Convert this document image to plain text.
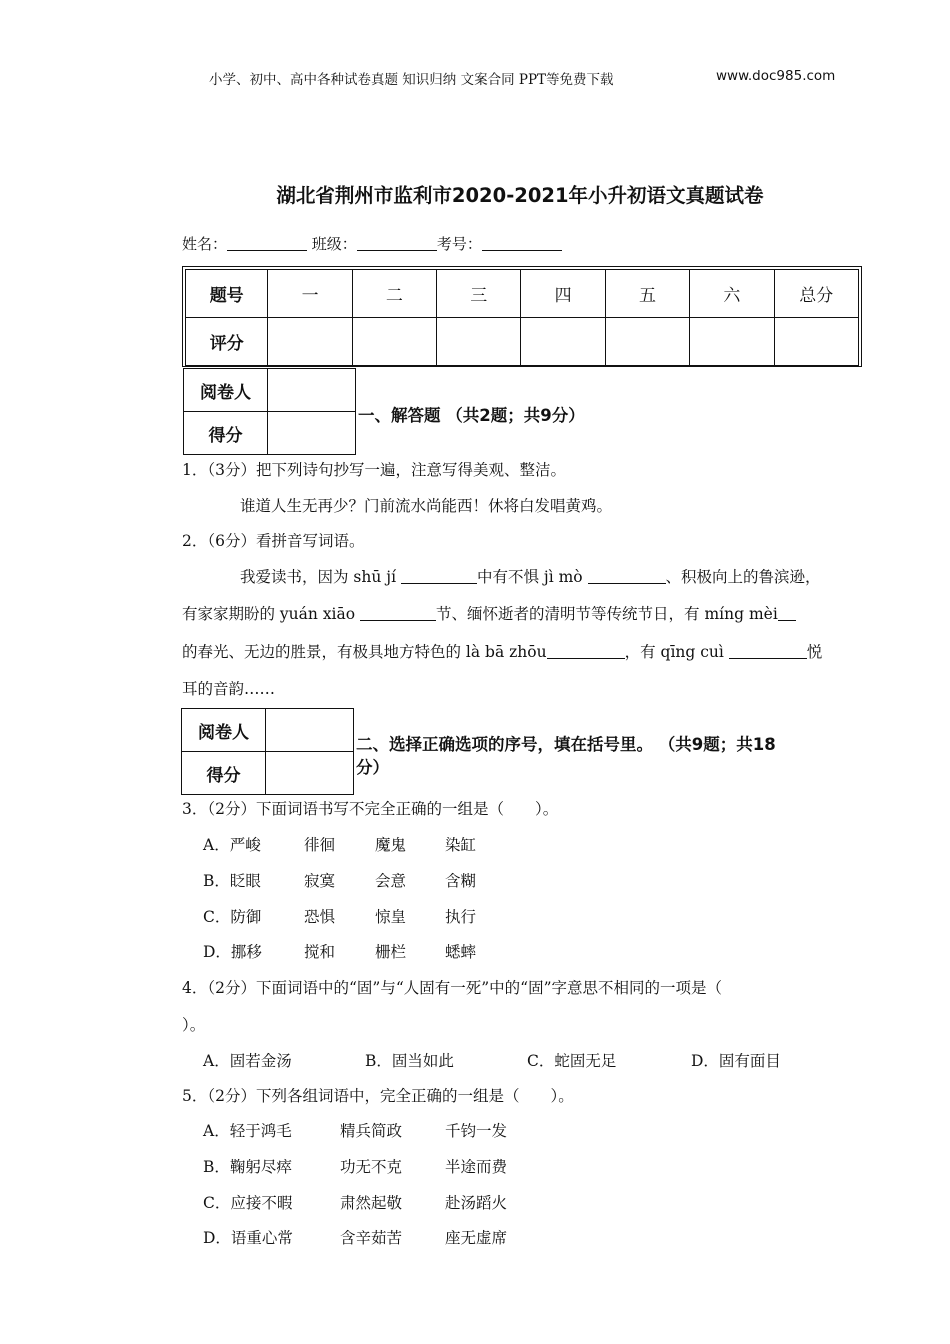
小学、初中、高中各种试卷真题 知识归纳 文案合同 PPT等免费下载	www.doc985.com
湖北省荆州市监利市2020-2021年小升初语文真题试卷
姓名：	班级：	考号：
题号	一	二	三	四	五	六	总分
评分							
阅卷人	
得分	
一、解答题 （共2题；共9分）
1．（3分）把下列诗句抄写一遍，注意写得美观、整洁。
谁道人生无再少？门前流水尚能西！休将白发唱黄鸡。
2．（6分）看拼音写词语。
我爱读书，因为 shū jí	中有不惧 jì mò	、积极向上的鲁滨逊，
有家家期盼的 yuán xiāo	节、缅怀逝者的清明节等传统节日，有 míng mèi
的春光、无边的胜景，有极具地方特色的 là bā zhōu	，有 qīng cuì	悦
耳的音韵……
阅卷人	
得分	
二、选择正确选项的序号，填在括号里。 （共9题；共18
分）
3．（2分）下面词语书写不完全正确的一组是（　　）。
A．严峻	徘徊	魔鬼	染缸
B．眨眼	寂寞	会意	含糊
C．防御	恐惧	惊皇	执行
D．挪移	搅和	栅栏	蟋蟀
4．（2分）下面词语中的“固”与“人固有一死”中的“固”字意思不相同的一项是（
）。
A．固若金汤	B．固当如此	C．蛇固无足	D．固有面目
5．（2分）下列各组词语中，完全正确的一组是（　　）。
A．轻于鸿毛	精兵简政	千钧一发
B．鞠躬尽瘁	功无不克	半途而费
C．应接不暇	肃然起敬	赴汤蹈火
D．语重心常	含辛茹苦	座无虚席
